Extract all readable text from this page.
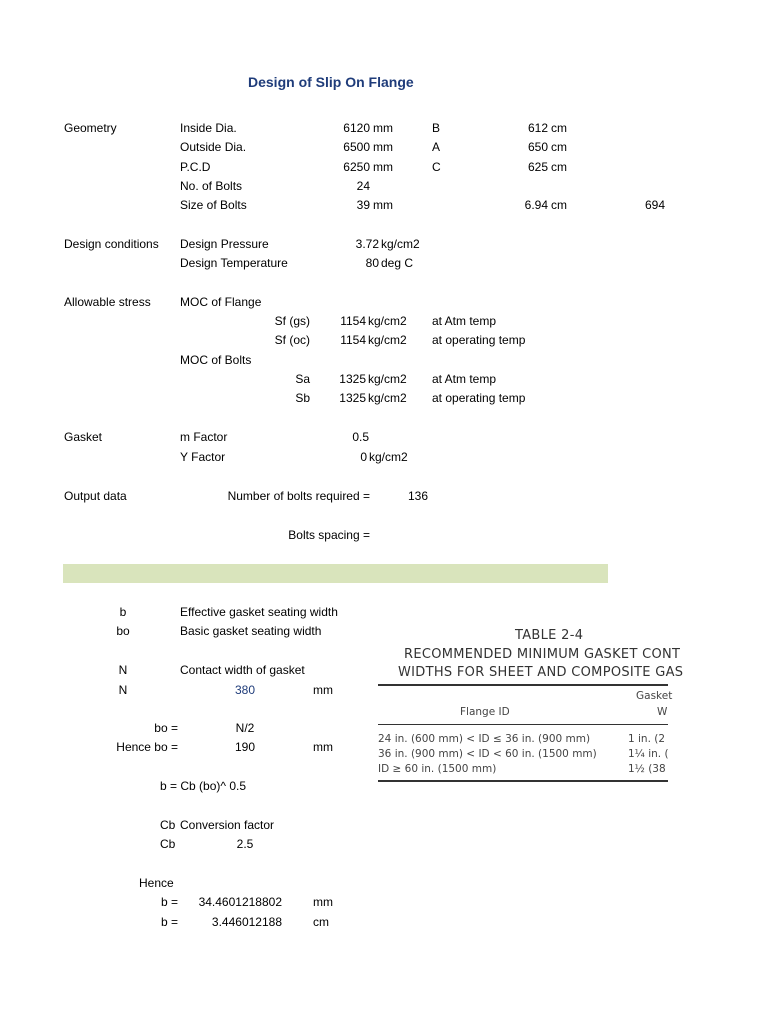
Design of Slip On Flange
Geometry	Inside Dia.	6120 mm	B	612 cm
Outside Dia.	6500 mm	A	650 cm
P.C.D	6250 mm	C	625 cm
No. of Bolts	24
Size of Bolts	39 mm	6.94 cm	694
Design conditions Design Pressure	3.72 kg/cm2
Design Temperature	80 deg C
Allowable stress MOC of Flange
Sf (gs)	1154 kg/cm2 at Atm temp
Sf (oc)	1154 kg/cm2 at operating temp
MOC of Bolts
Sa	1325 kg/cm2 at Atm temp
Sb	1325 kg/cm2 at operating temp
Gasket	m Factor	0.5
Y Factor	0 kg/cm2
Output data	Number of bolts required =	136
Bolts spacing =
b	Effective gasket seating width
bo	Basic gasket seating width
N	Contact width of gasket
N	380	mm
bo =	N/2
Hence bo =	190	mm
b = Cb (bo)^ 0.5
Cb Conversion factor
Cb	2.5
Hence
b =	34.4601218802	mm
b =	3.446012188	cm
TABLE 2-4
RECOMMENDED MINIMUM GASKET CONT
WIDTHS FOR SHEET AND COMPOSITE GAS
Gasket
Flange ID	W
24 in. (600 mm) < ID ≤ 36 in. (900 mm)	1 in. (2
36 in. (900 mm) < ID < 60 in. (1500 mm)	1¼ in. (
ID ≥ 60 in. (1500 mm)	1½ (38
